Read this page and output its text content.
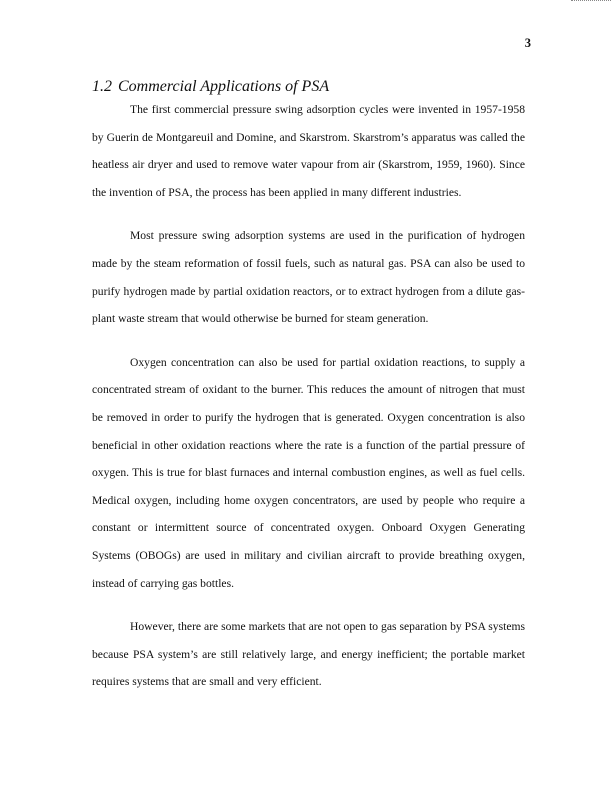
3
1.2 Commercial Applications of PSA

The first commercial pressure swing adsorption cycles were invented in 1957-1958 by Guerin de Montgareuil and Domine, and Skarstrom. Skarstrom’s apparatus was called the heatless air dryer and used to remove water vapour from air (Skarstrom, 1959, 1960). Since the invention of PSA, the process has been applied in many different industries.

Most pressure swing adsorption systems are used in the purification of hydrogen made by the steam reformation of fossil fuels, such as natural gas. PSA can also be used to purify hydrogen made by partial oxidation reactors, or to extract hydrogen from a dilute gas-plant waste stream that would otherwise be burned for steam generation.

Oxygen concentration can also be used for partial oxidation reactions, to supply a concentrated stream of oxidant to the burner. This reduces the amount of nitrogen that must be removed in order to purify the hydrogen that is generated. Oxygen concentration is also beneficial in other oxidation reactions where the rate is a function of the partial pressure of oxygen. This is true for blast furnaces and internal combustion engines, as well as fuel cells. Medical oxygen, including home oxygen concentrators, are used by people who require a constant or intermittent source of concentrated oxygen. Onboard Oxygen Generating Systems (OBOGs) are used in military and civilian aircraft to provide breathing oxygen, instead of carrying gas bottles.

However, there are some markets that are not open to gas separation by PSA systems because PSA system’s are still relatively large, and energy inefficient; the portable market requires systems that are small and very efficient.
